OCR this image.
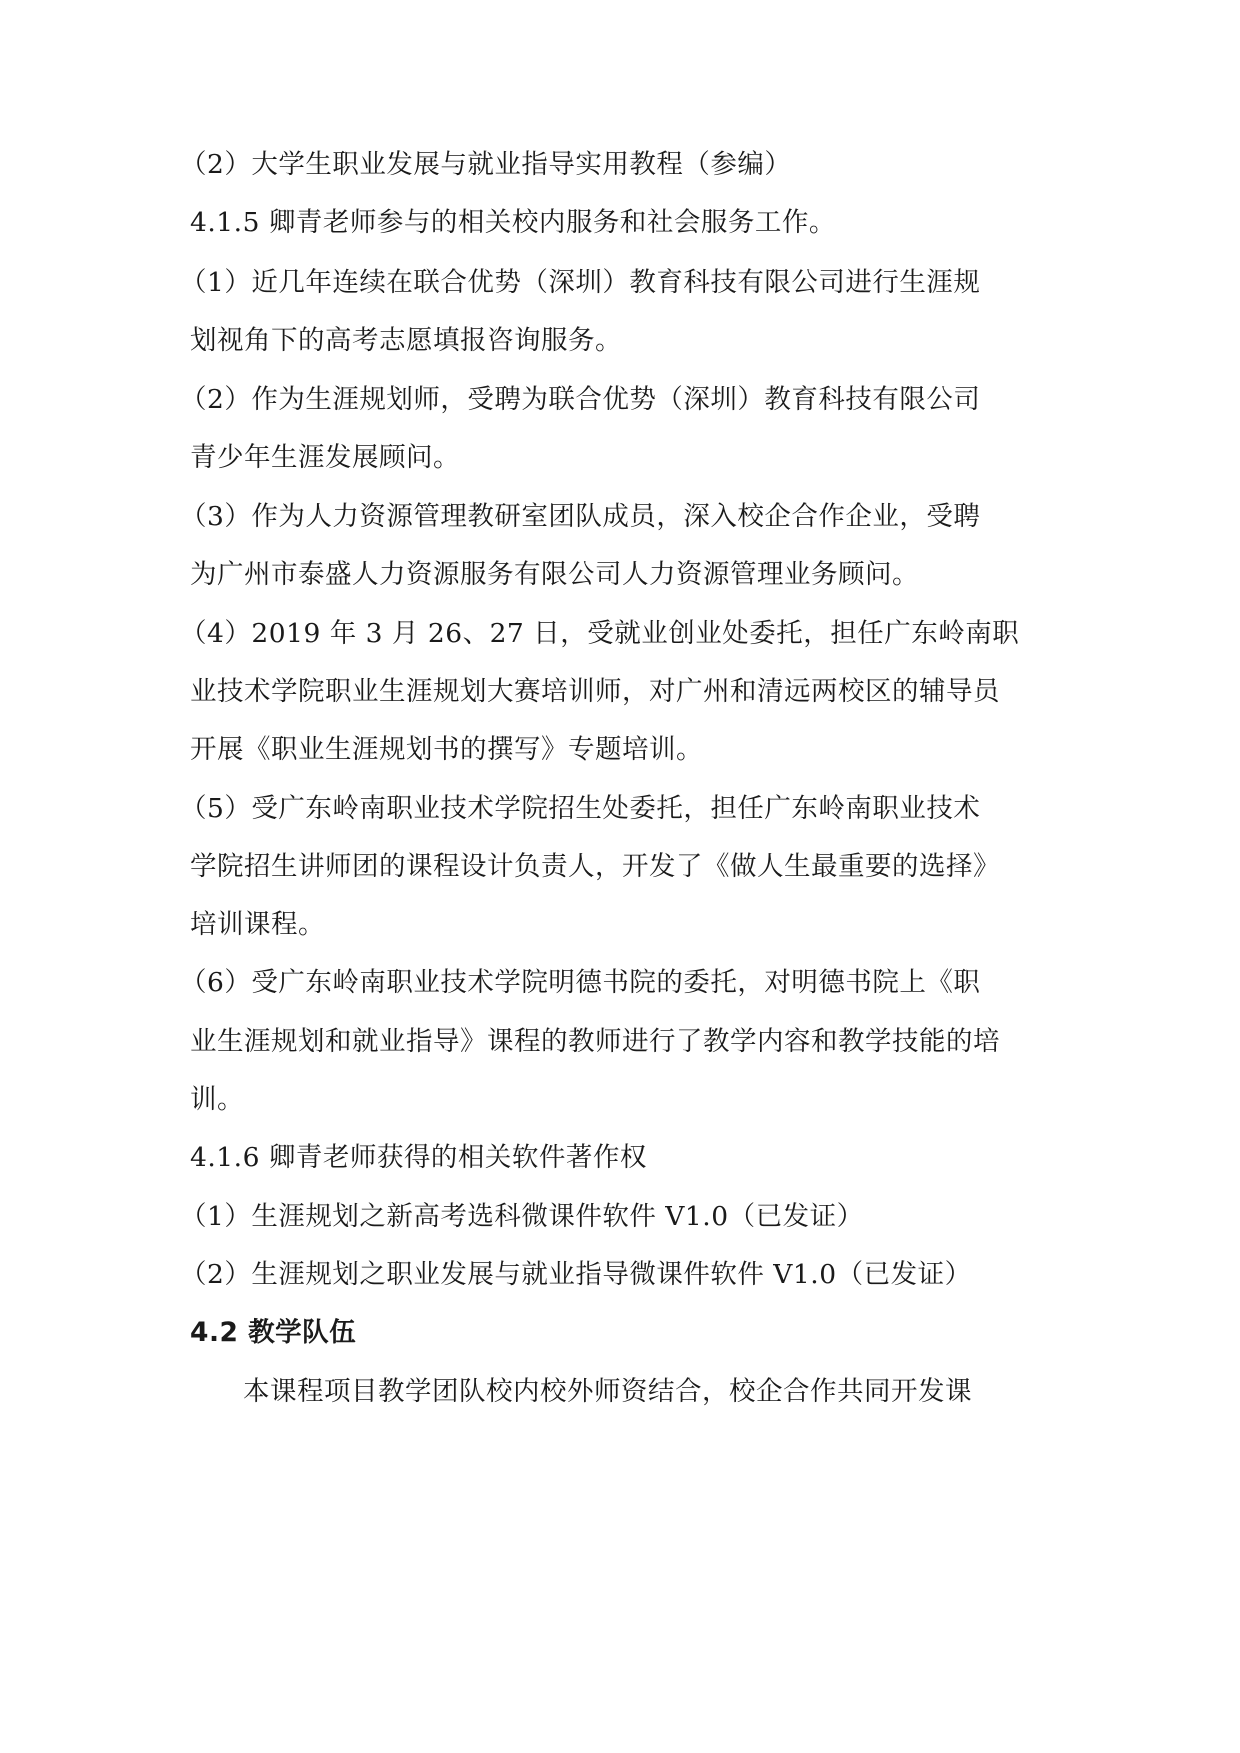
（2）大学生职业发展与就业指导实用教程（参编）
4.1.5 卿青老师参与的相关校内服务和社会服务工作。
（1）近几年连续在联合优势（深圳）教育科技有限公司进行生涯规
划视角下的高考志愿填报咨询服务。
（2）作为生涯规划师，受聘为联合优势（深圳）教育科技有限公司
青少年生涯发展顾问。
（3）作为人力资源管理教研室团队成员，深入校企合作企业，受聘
为广州市泰盛人力资源服务有限公司人力资源管理业务顾问。
（4）2019 年 3 月 26、27 日，受就业创业处委托，担任广东岭南职
业技术学院职业生涯规划大赛培训师，对广州和清远两校区的辅导员
开展《职业生涯规划书的撰写》专题培训。
（5）受广东岭南职业技术学院招生处委托，担任广东岭南职业技术
学院招生讲师团的课程设计负责人，开发了《做人生最重要的选择》
培训课程。
（6）受广东岭南职业技术学院明德书院的委托，对明德书院上《职
业生涯规划和就业指导》课程的教师进行了教学内容和教学技能的培
训。
4.1.6 卿青老师获得的相关软件著作权
（1）生涯规划之新高考选科微课件软件 V1.0（已发证）
（2）生涯规划之职业发展与就业指导微课件软件 V1.0（已发证）
4.2 教学队伍
本课程项目教学团队校内校外师资结合，校企合作共同开发课
